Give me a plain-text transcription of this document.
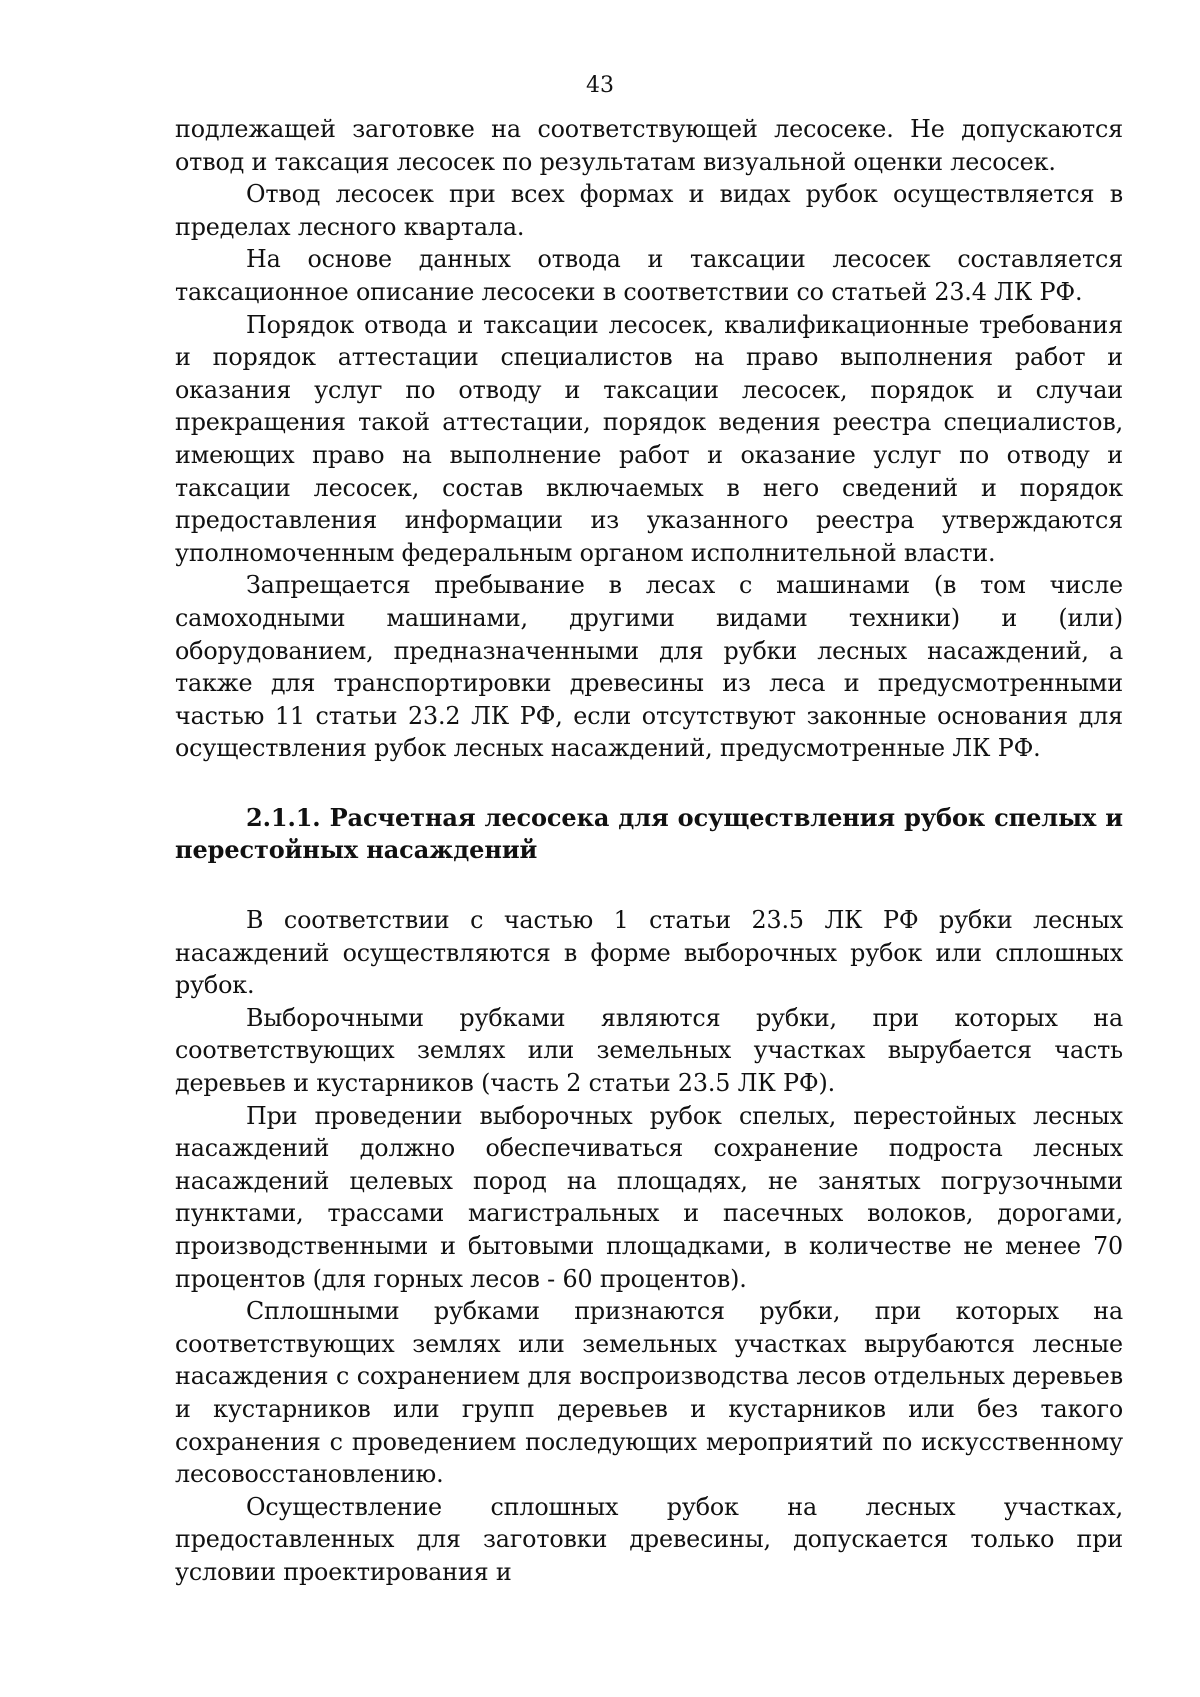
43

подлежащей заготовке на соответствующей лесосеке. Не допускаются отвод и таксация лесосек по результатам визуальной оценки лесосек.

Отвод лесосек при всех формах и видах рубок осуществляется в пределах лесного квартала.

На основе данных отвода и таксации лесосек составляется таксационное описание лесосеки в соответствии со статьей 23.4 ЛК РФ.

Порядок отвода и таксации лесосек, квалификационные требования и порядок аттестации специалистов на право выполнения работ и оказания услуг по отводу и таксации лесосек, порядок и случаи прекращения такой аттестации, порядок ведения реестра специалистов, имеющих право на выполнение работ и оказание услуг по отводу и таксации лесосек, состав включаемых в него сведений и порядок предоставления информации из указанного реестра утверждаются уполномоченным федеральным органом исполнительной власти.

Запрещается пребывание в лесах с машинами (в том числе самоходными машинами, другими видами техники) и (или) оборудованием, предназначенными для рубки лесных насаждений, а также для транспортировки древесины из леса и предусмотренными частью 11 статьи 23.2 ЛК РФ, если отсутствуют законные основания для осуществления рубок лесных насаждений, предусмотренные ЛК РФ.

2.1.1. Расчетная лесосека для осуществления рубок спелых и перестойных насаждений

В соответствии с частью 1 статьи 23.5 ЛК РФ рубки лесных насаждений осуществляются в форме выборочных рубок или сплошных рубок.

Выборочными рубками являются рубки, при которых на соответствующих землях или земельных участках вырубается часть деревьев и кустарников (часть 2 статьи 23.5 ЛК РФ).

При проведении выборочных рубок спелых, перестойных лесных насаждений должно обеспечиваться сохранение подроста лесных насаждений целевых пород на площадях, не занятых погрузочными пунктами, трассами магистральных и пасечных волоков, дорогами, производственными и бытовыми площадками, в количестве не менее 70 процентов (для горных лесов - 60 процентов).

Сплошными рубками признаются рубки, при которых на соответствующих землях или земельных участках вырубаются лесные насаждения с сохранением для воспроизводства лесов отдельных деревьев и кустарников или групп деревьев и кустарников или без такого сохранения с проведением последующих мероприятий по искусственному лесовосстановлению.

Осуществление сплошных рубок на лесных участках, предоставленных для заготовки древесины, допускается только при условии проектирования и
